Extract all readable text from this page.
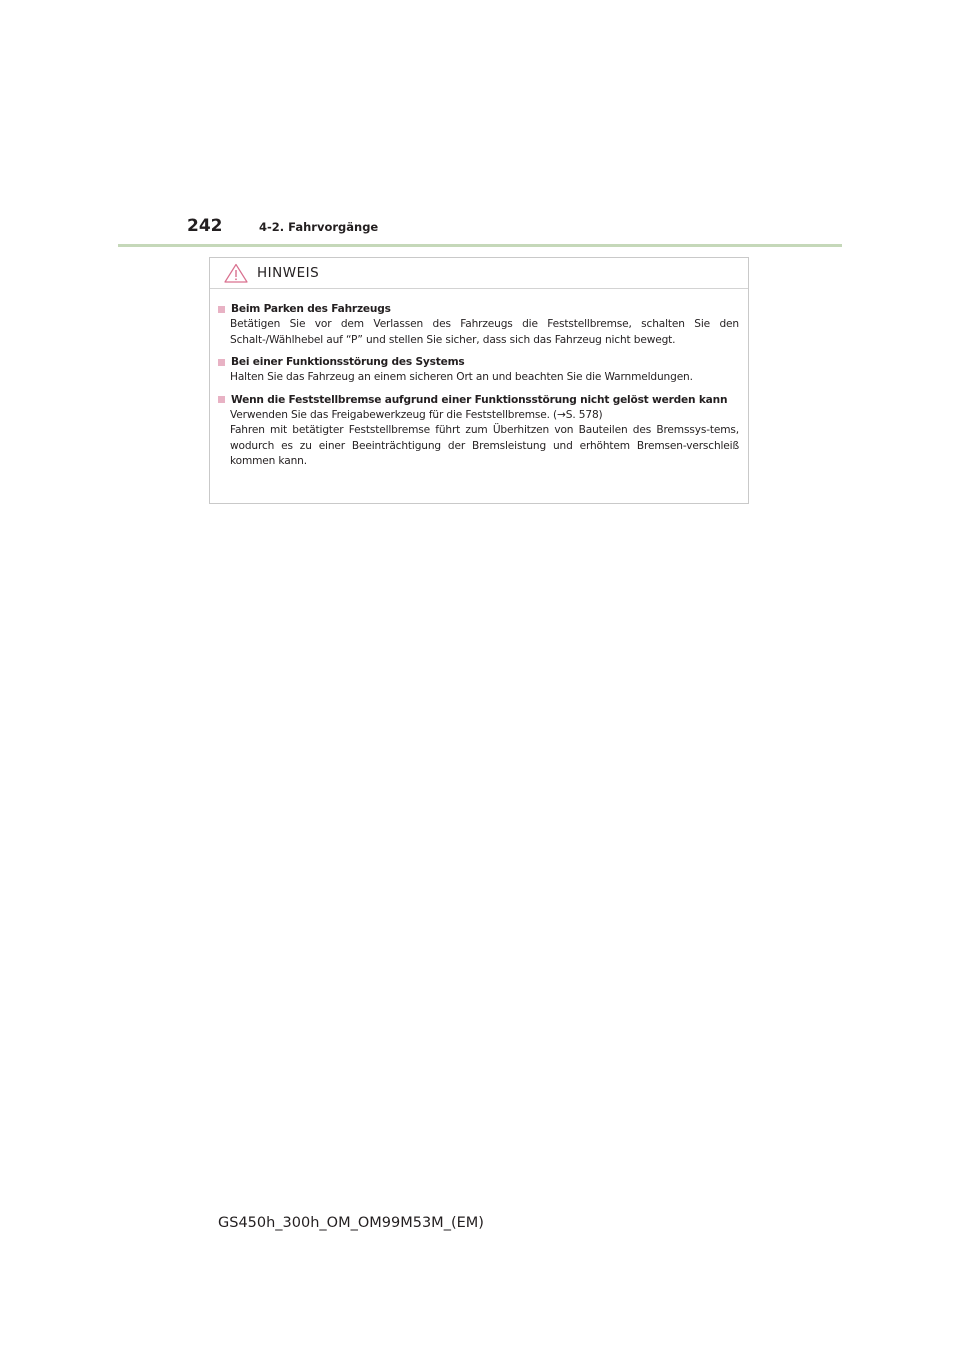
242	4-2. Fahrvorgänge
HINWEIS
Beim Parken des Fahrzeugs

Betätigen Sie vor dem Verlassen des Fahrzeugs die Feststellbremse, schalten Sie den Schalt-/Wählhebel auf “P” und stellen Sie sicher, dass sich das Fahrzeug nicht bewegt.

Bei einer Funktionsstörung des Systems

Halten Sie das Fahrzeug an einem sicheren Ort an und beachten Sie die Warnmeldungen.

Wenn die Feststellbremse aufgrund einer Funktionsstörung nicht gelöst werden kann

Verwenden Sie das Freigabewerkzeug für die Feststellbremse. (→S. 578)

Fahren mit betätigter Feststellbremse führt zum Überhitzen von Bauteilen des Bremssys-tems, wodurch es zu einer Beeinträchtigung der Bremsleistung und erhöhtem Bremsen-verschleiß kommen kann.

GS450h_300h_OM_OM99M53M_(EM)
